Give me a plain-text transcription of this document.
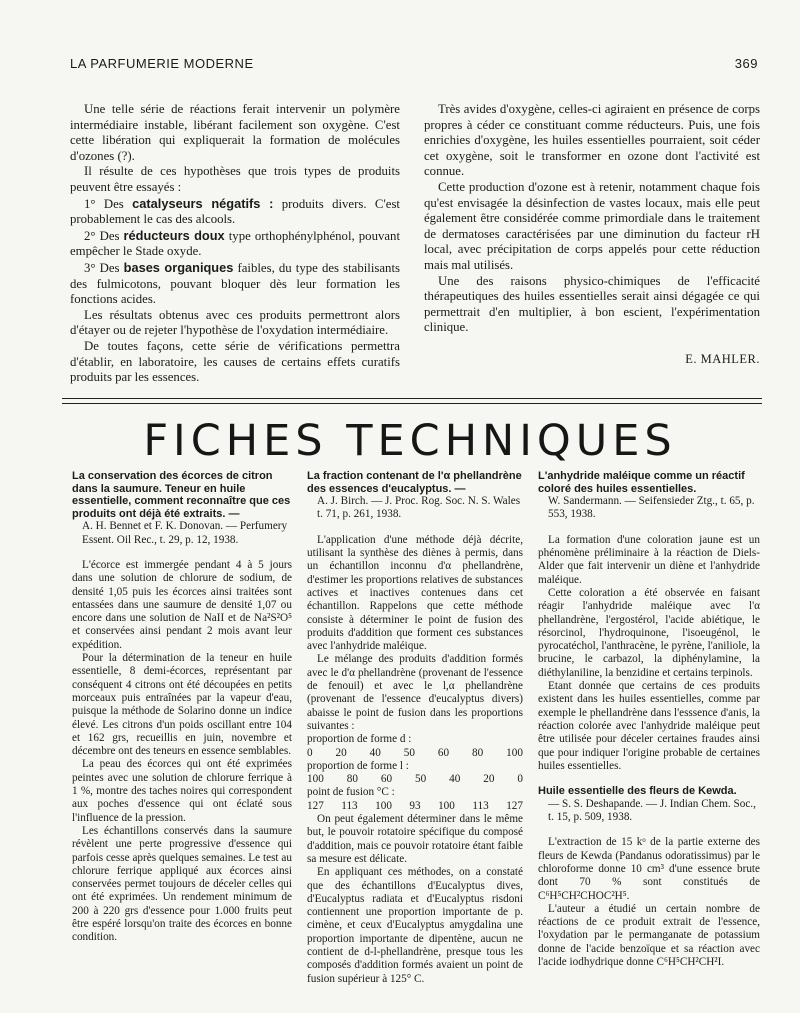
LA PARFUMERIE MODERNE	369

Une telle série de réactions ferait intervenir un polymère intermédiaire instable, libérant facilement son oxygène. C'est cette libération qui expliquerait la formation de molécules d'ozones (?).

Il résulte de ces hypothèses que trois types de produits peuvent être essayés :

1° Des catalyseurs négatifs : produits divers. C'est probablement le cas des alcools.

2° Des réducteurs doux type orthophénylphénol, pouvant empêcher le Stade oxyde.

3° Des bases organiques faibles, du type des stabilisants des fulmicotons, pouvant bloquer dès leur formation les fonctions acides.

Les résultats obtenus avec ces produits permettront alors d'étayer ou de rejeter l'hypothèse de l'oxydation intermédiaire.

De toutes façons, cette série de vérifications permettra d'établir, en laboratoire, les causes de certains effets curatifs produits par les essences.

Très avides d'oxygène, celles-ci agiraient en présence de corps propres à céder ce constituant comme réducteurs. Puis, une fois enrichies d'oxygène, les huiles essentielles pourraient, soit céder cet oxygène, soit le transformer en ozone dont l'activité est connue.

Cette production d'ozone est à retenir, notamment chaque fois qu'est envisagée la désinfection de vastes locaux, mais elle peut également être considérée comme primordiale dans le traitement de dermatoses caractérisées par une diminution du facteur rH local, avec précipitation de corps appelés pour cette réduction mais mal utilisés.

Une des raisons physico-chimiques de l'efficacité thérapeutiques des huiles essentielles serait ainsi dégagée ce qui permettrait d'en multiplier, à bon escient, l'expérimentation clinique.

E. MAHLER.
FICHES TECHNIQUES

La conservation des écorces de citron dans la saumure. Teneur en huile essentielle, comment reconnaître que ces produits ont déjà été extraits. —

A. H. Bennet et F. K. Donovan. — Perfumery Essent. Oil Rec., t. 29, p. 12, 1938.

L'écorce est immergée pendant 4 à 5 jours dans une solution de chlorure de sodium, de densité 1,05 puis les écorces ainsi traitées sont entassées dans une saumure de densité 1,07 ou encore dans une solution de NaII et de Na²S²O⁵ et conservées ainsi pendant 2 mois avant leur expédition.

Pour la détermination de la teneur en huile essentielle, 8 demi-écorces, représentant par conséquent 4 citrons ont été découpées en petits morceaux puis entraînées par la vapeur d'eau, puisque la méthode de Solarino donne un indice élevé. Les citrons d'un poids oscillant entre 104 et 162 grs, recueillis en juin, novembre et décembre ont des teneurs en essence semblables.

La peau des écorces qui ont été exprimées peintes avec une solution de chlorure ferrique à 1 %, montre des taches noires qui correspondent aux poches d'essence qui ont éclaté sous l'influence de la pression.

Les échantillons conservés dans la saumure révèlent une perte progressive d'essence qui parfois cesse après quelques semaines. Le test au chlorure ferrique appliqué aux écorces ainsi conservées permet toujours de déceler celles qui ont été exprimées. Un rendement minimum de 200 à 220 grs d'essence pour 1.000 fruits peut être espéré lorsqu'on traite des écorces en bonne condition.

La fraction contenant de l'α phellandrène des essences d'eucalyptus. —

A. J. Birch. — J. Proc. Rog. Soc. N. S. Wales t. 71, p. 261, 1938.

L'application d'une méthode déjà décrite, utilisant la synthèse des diènes à permis, dans un échantillon inconnu d'α phellandrène, d'estimer les proportions relatives de substances actives et inactives contenues dans cet échantillon. Rappelons que cette méthode consiste à déterminer le point de fusion des produits d'addition que forment ces substances avec l'anhydride maléique.

Le mélange des produits d'addition formés avec le d'α phellandrène (provenant de l'essence de fenouil) et avec le l,α phellandrène (provenant de l'essence d'eucalyptus divers) abaisse le point de fusion dans les proportions suivantes :

proportion de forme d :
0 20 40 50 60 80 100
proportion de forme l :
100 80 60 50 40 20 0
point de fusion °C :
127 113 100 93 100 113 127

On peut également déterminer dans le même but, le pouvoir rotatoire spécifique du composé d'addition, mais ce pouvoir rotatoire étant faible sa mesure est délicate.

En appliquant ces méthodes, on a constaté que des échantillons d'Eucalyptus dives, d'Eucalyptus radiata et d'Eucalyptus risdoni contiennent une proportion importante de p. cimène, et ceux d'Eucalyptus amygdalina une proportion importante de dipentène, aucun ne contient de d-l-phellandrène, presque tous les composés d'addition formés avaient un point de fusion supérieur à 125° C.

L'anhydride maléique comme un réactif coloré des huiles essentielles.

W. Sandermann. — Seifensieder Ztg., t. 65, p. 553, 1938.

La formation d'une coloration jaune est un phénomène préliminaire à la réaction de Diels-Alder que fait intervenir un diène et l'anhydride maléique.

Cette coloration a été observée en faisant réagir l'anhydride maléique avec l'α phellandrène, l'ergostérol, l'acide abiétique, le résorcinol, l'hydroquinone, l'isoeugénol, le pyrocatéchol, l'anthracène, le pyrène, l'aniliole, la brucine, le carbazol, la diphénylamine, la diéthylaniline, la benzidine et certains terpinols.

Etant donnée que certains de ces produits existent dans les huiles essentielles, comme par exemple le phellandrène dans l'esssence d'anis, la réaction colorée avec l'anhydride maléique peut être utilisée pour déceler certaines fraudes ainsi que pour indiquer l'origine probable de certaines huiles essentielles.

Huile essentielle des fleurs de Kewda.

— S. S. Deshapande. — J. Indian Chem. Soc., t. 15, p. 509, 1938.

L'extraction de 15 kᵒ de la partie externe des fleurs de Kewda (Pandanus odoratissimus) par le chloroforme donne 10 cm³ d'une essence brute dont 70 % sont constitués de C⁶H⁵CH²CHOC²H⁵.

L'auteur a étudié un certain nombre de réactions de ce produit extrait de l'essence, l'oxydation par le permanganate de potassium donne de l'acide benzoïque et sa réaction avec l'acide iodhydrique donne C⁶H⁵CH²CH²I.
